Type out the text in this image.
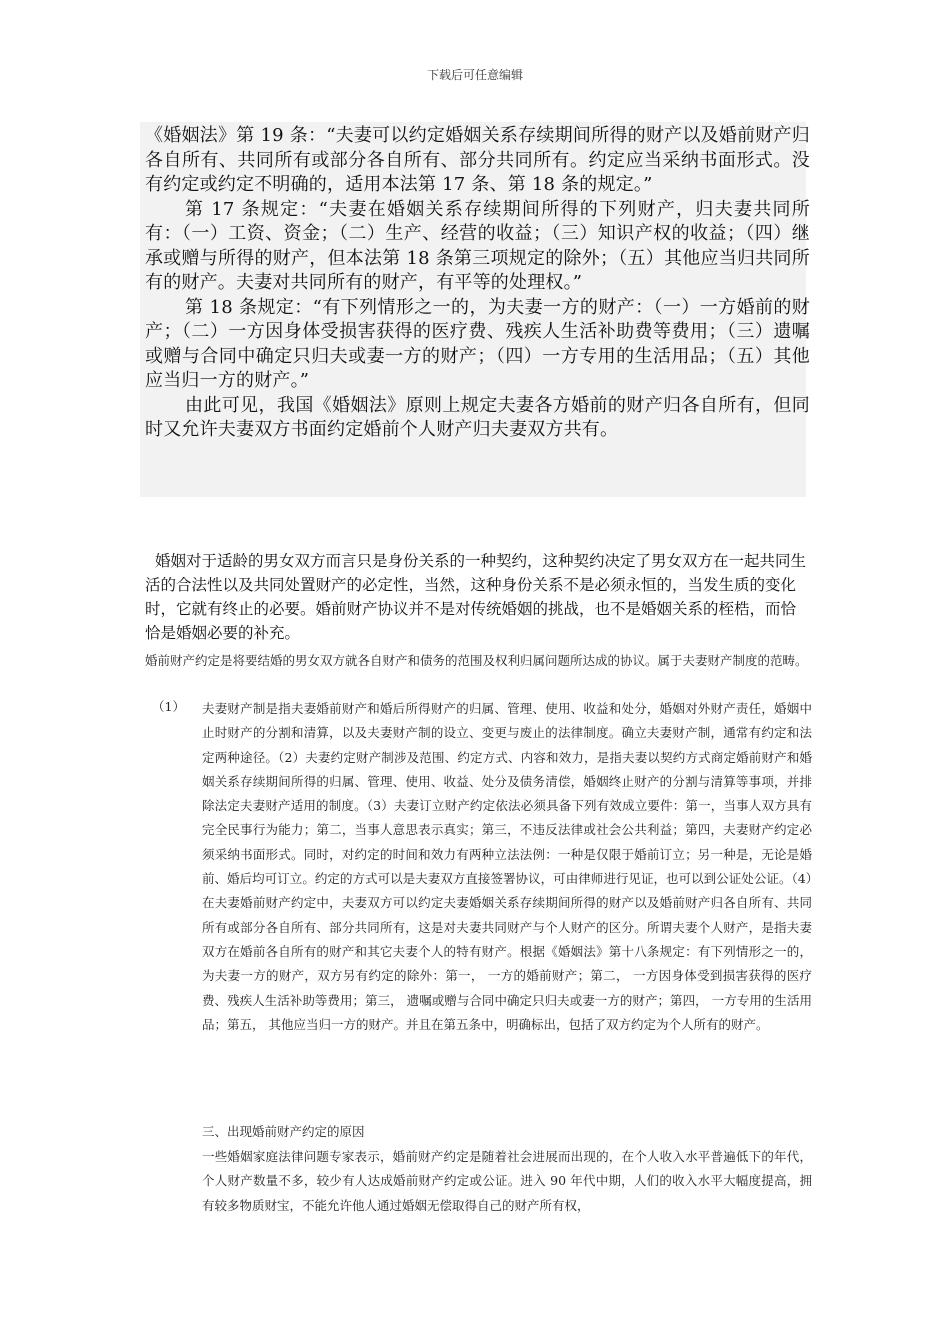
下载后可任意编辑

《婚姻法》第 19 条：“夫妻可以约定婚姻关系存续期间所得的财产以及婚前财产归各自所有、共同所有或部分各自所有、部分共同所有。约定应当采纳书面形式。没有约定或约定不明确的，适用本法第 17 条、第 18 条的规定。”

第 17 条规定：“夫妻在婚姻关系存续期间所得的下列财产，归夫妻共同所有：（一）工资、资金；（二）生产、经营的收益；（三）知识产权的收益；（四）继承或赠与所得的财产，但本法第 18 条第三项规定的除外；（五）其他应当归共同所有的财产。夫妻对共同所有的财产，有平等的处理权。”

第 18 条规定：“有下列情形之一的，为夫妻一方的财产：（一）一方婚前的财产；（二）一方因身体受损害获得的医疗费、残疾人生活补助费等费用；（三）遗嘱或赠与合同中确定只归夫或妻一方的财产；（四）一方专用的生活用品；（五）其他应当归一方的财产。”

由此可见，我国《婚姻法》原则上规定夫妻各方婚前的财产归各自所有，但同时又允许夫妻双方书面约定婚前个人财产归夫妻双方共有。

婚姻对于适龄的男女双方而言只是身份关系的一种契约，这种契约决定了男女双方在一起共同生活的合法性以及共同处置财产的必定性，当然，这种身份关系不是必须永恒的，当发生质的变化时，它就有终止的必要。婚前财产协议并不是对传统婚姻的挑战，也不是婚姻关系的桎梏，而恰恰是婚姻必要的补充。

婚前财产约定是将要结婚的男女双方就各自财产和债务的范围及权利归属问题所达成的协议。属于夫妻财产制度的范畴。
（1） 夫妻财产制是指夫妻婚前财产和婚后所得财产的归属、管理、使用、收益和处分，婚姻对外财产责任，婚姻中止时财产的分割和清算，以及夫妻财产制的设立、变更与废止的法律制度。确立夫妻财产制，通常有约定和法定两种途径。（2）夫妻约定财产制涉及范围、约定方式、内容和效力，是指夫妻以契约方式商定婚前财产和婚姻关系存续期间所得的归属、管理、使用、收益、处分及债务清偿，婚姻终止财产的分割与清算等事项，并排除法定夫妻财产适用的制度。（3）夫妻订立财产约定依法必须具备下列有效成立要件：第一，当事人双方具有完全民事行为能力；第二，当事人意思表示真实；第三，不违反法律或社会公共利益；第四，夫妻财产约定必须采纳书面形式。同时，对约定的时间和效力有两种立法法例：一种是仅限于婚前订立；另一种是，无论是婚前、婚后均可订立。约定的方式可以是夫妻双方直接签署协议，可由律师进行见证，也可以到公证处公证。（4）在夫妻婚前财产约定中，夫妻双方可以约定夫妻婚姻关系存续期间所得的财产以及婚前财产归各自所有、共同所有或部分各自所有、部分共同所有，这是对夫妻共同财产与个人财产的区分。所谓夫妻个人财产，是指夫妻双方在婚前各自所有的财产和其它夫妻个人的特有财产。根据《婚姻法》第十八条规定：有下列情形之一的，为夫妻一方的财产，双方另有约定的除外：第一， 一方的婚前财产；第二， 一方因身体受到损害获得的医疗费、残疾人生活补助等费用；第三， 遗嘱或赠与合同中确定只归夫或妻一方的财产；第四， 一方专用的生活用品；第五， 其他应当归一方的财产。并且在第五条中，明确标出，包括了双方约定为个人所有的财产。
三、出现婚前财产约定的原因
一些婚姻家庭法律问题专家表示，婚前财产约定是随着社会进展而出现的，在个人收入水平普遍低下的年代，个人财产数量不多，较少有人达成婚前财产约定或公证。进入 90 年代中期，人们的收入水平大幅度提高，拥有较多物质财宝，不能允许他人通过婚姻无偿取得自己的财产所有权，
